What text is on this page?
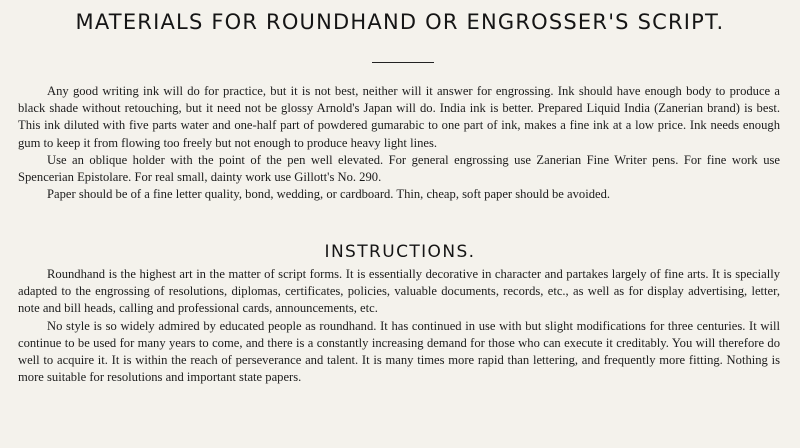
MATERIALS FOR ROUNDHAND OR ENGROSSER'S SCRIPT.

Any good writing ink will do for practice, but it is not best, neither will it answer for engrossing. Ink should have enough body to produce a black shade without retouching, but it need not be glossy Arnold's Japan will do. India ink is better. Prepared Liquid India (Zanerian brand) is best. This ink diluted with five parts water and one-half part of powdered gumarabic to one part of ink, makes a fine ink at a low price. Ink needs enough gum to keep it from flowing too freely but not enough to produce heavy light lines.

Use an oblique holder with the point of the pen well elevated. For general engrossing use Zanerian Fine Writer pens. For fine work use Spencerian Epistolare. For real small, dainty work use Gillott's No. 290.

Paper should be of a fine letter quality, bond, wedding, or cardboard. Thin, cheap, soft paper should be avoided.

INSTRUCTIONS.

Roundhand is the highest art in the matter of script forms. It is essentially decorative in character and partakes largely of fine arts. It is specially adapted to the engrossing of resolutions, diplomas, certificates, policies, valuable documents, records, etc., as well as for display advertising, letter, note and bill heads, calling and professional cards, announcements, etc.

No style is so widely admired by educated people as roundhand. It has continued in use with but slight modifications for three centuries. It will continue to be used for many years to come, and there is a constantly increasing demand for those who can execute it creditably. You will therefore do well to acquire it. It is within the reach of perseverance and talent. It is many times more rapid than lettering, and frequently more fitting. Nothing is more suitable for resolutions and important state papers.
